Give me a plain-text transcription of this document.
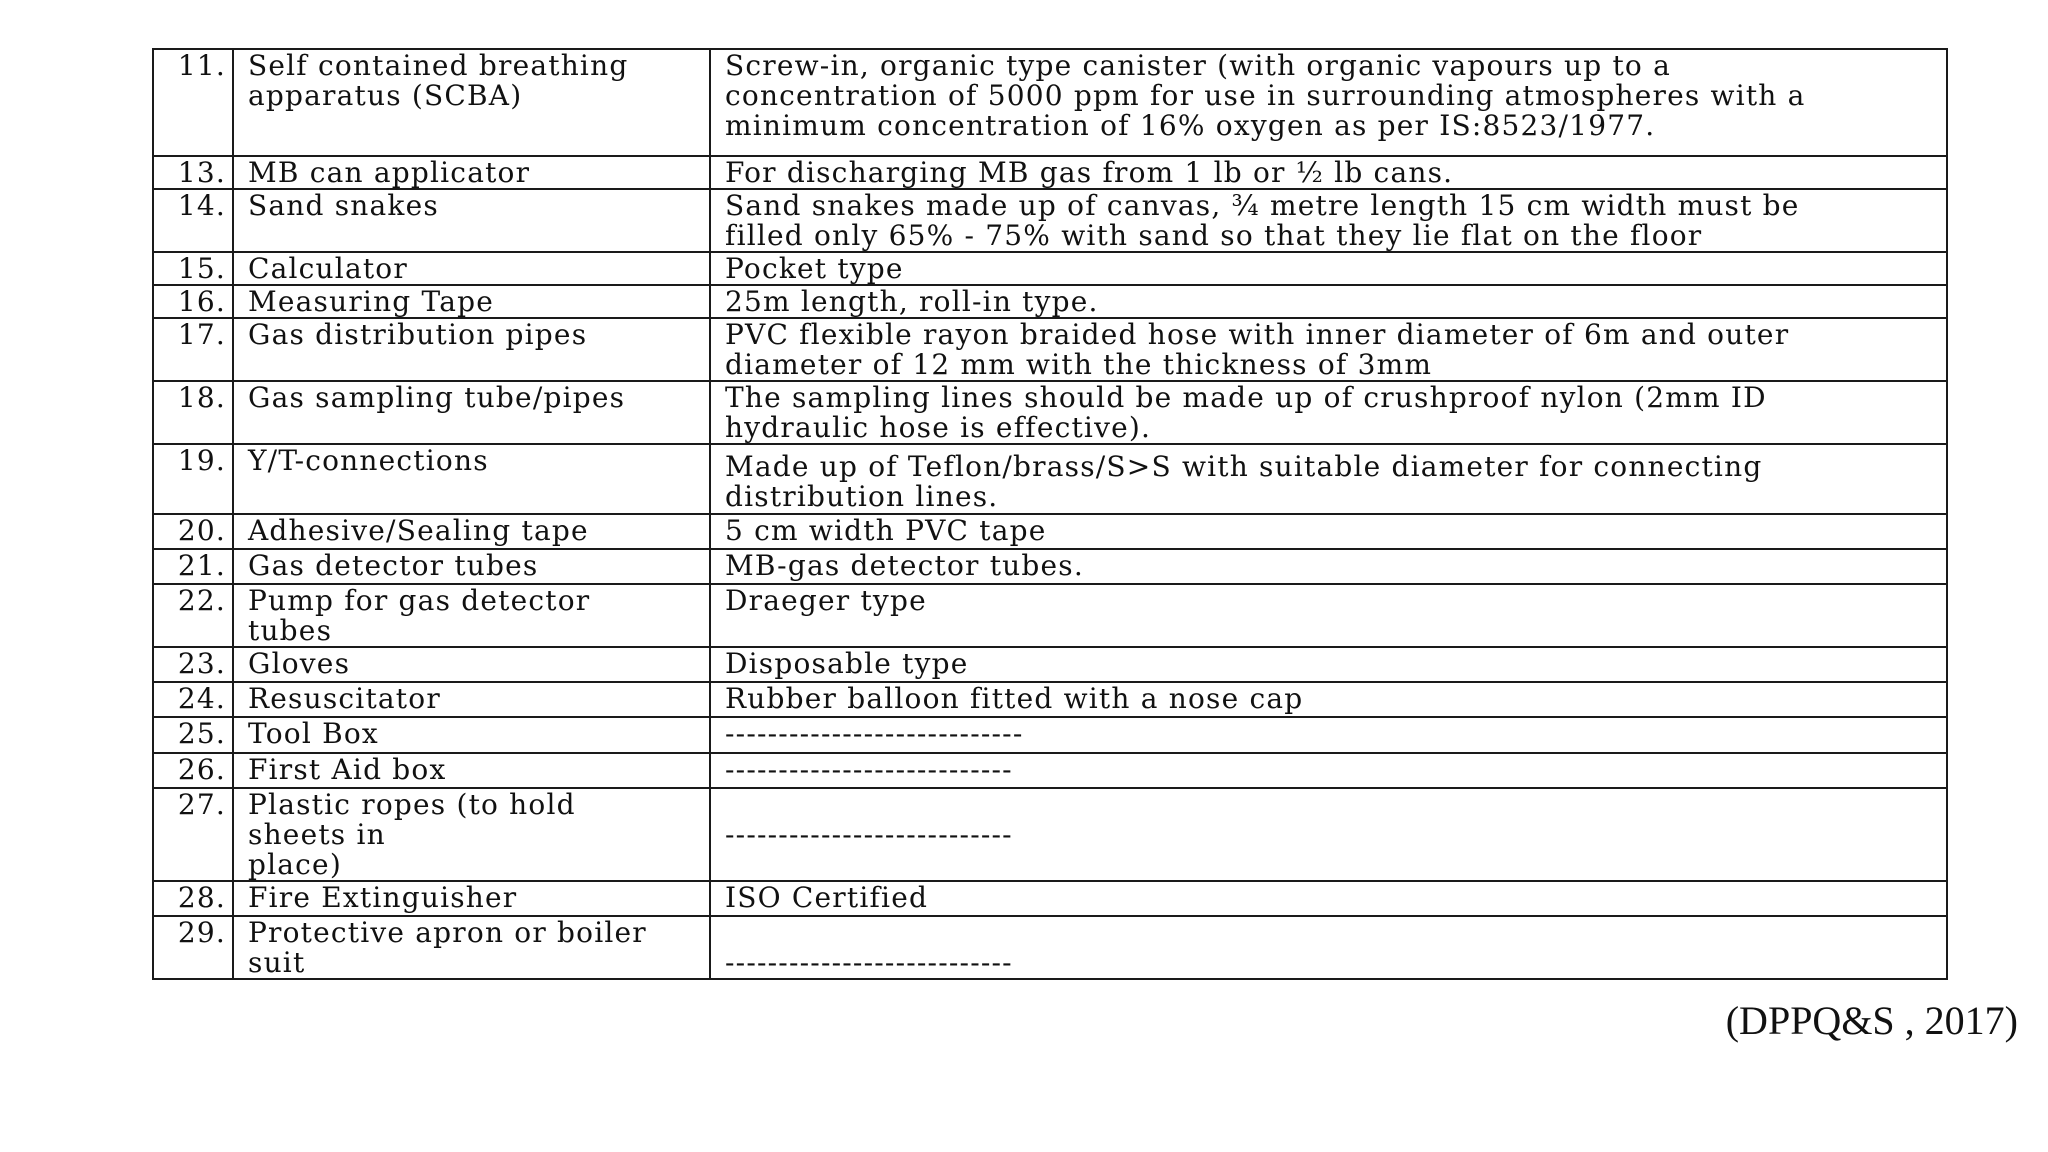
11.	Self contained breathing
apparatus (SCBA)	Screw-in, organic type canister (with organic vapours up to a
concentration of 5000 ppm for use in surrounding atmospheres with a
minimum concentration of 16% oxygen as per IS:8523/1977.
13.	MB can applicator	For discharging MB gas from 1 lb or ½ lb cans.
14.	Sand snakes	Sand snakes made up of canvas, ¾ metre length 15 cm width must be
filled only 65% - 75% with sand so that they lie flat on the floor
15.	Calculator	Pocket type
16.	Measuring Tape	25m length, roll-in type.
17.	Gas distribution pipes	PVC flexible rayon braided hose with inner diameter of 6m and outer
diameter of 12 mm with the thickness of 3mm
18.	Gas sampling tube/pipes	The sampling lines should be made up of crushproof nylon (2mm ID
hydraulic hose is effective).
19.	Y/T-connections	Made up of Teflon/brass/S>S with suitable diameter for connecting
distribution lines.
20.	Adhesive/Sealing tape	5 cm width PVC tape
21.	Gas detector tubes	MB-gas detector tubes.
22.	Pump for gas detector
tubes	Draeger type
23.	Gloves	Disposable type
24.	Resuscitator	Rubber balloon fitted with a nose cap
25.	Tool Box	----------------------------
26.	First Aid box	---------------------------
27.	Plastic ropes (to hold
sheets in
place)	---------------------------
28.	Fire Extinguisher	ISO Certified
29.	Protective apron or boiler
suit	---------------------------
(DPPQ&S , 2017)
